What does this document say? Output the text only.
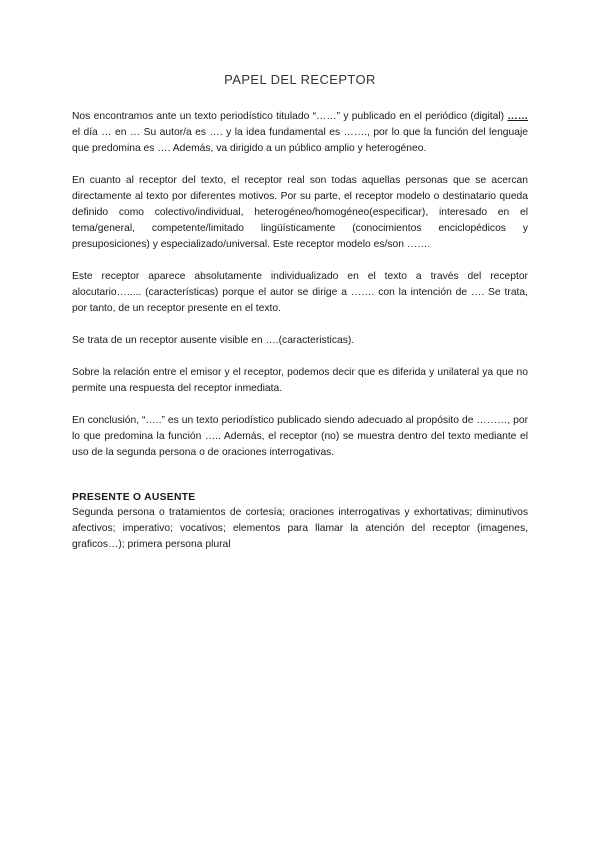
PAPEL DEL RECEPTOR

Nos encontramos ante un texto periodístico titulado “……” y publicado en el periódico (digital) …… el día … en … Su autor/a es …. y la idea fundamental es ……., por lo que la función del lenguaje que predomina es …. Además, va dirigido a un público amplio y heterogéneo.

En cuanto al receptor del texto, el receptor real son todas aquellas personas que se acercan directamente al texto por diferentes motivos. Por su parte, el receptor modelo o destinatario queda definido como colectivo/individual, heterogéneo/homogéneo(especificar), interesado en el tema/general, competente/limitado lingüísticamente (conocimientos enciclopédicos y presuposiciones) y especializado/universal. Este receptor modelo es/son …….

Este receptor aparece absolutamente individualizado en el texto a través del receptor alocutario…..... (características) porque el autor se dirige a ……. con la intención de …. Se trata, por tanto, de un receptor presente en el texto.

Se trata de un receptor ausente visible en ….(caracteristicas).

Sobre la relación entre el emisor y el receptor, podemos decir que es diferida y unilateral ya que no permite una respuesta del receptor inmediata.

En conclusión, “…..” es un texto periodístico publicado siendo adecuado al propósito de ………, por lo que predomina la función ….. Además, el receptor (no) se muestra dentro del texto mediante el uso de la segunda persona o de oraciones interrogativas.

PRESENTE O AUSENTE

Segunda persona o tratamientos de cortesía; oraciones interrogativas y exhortativas; diminutivos afectivos; imperativo; vocativos; elementos para llamar la atención del receptor (imagenes, graficos…); primera persona plural
